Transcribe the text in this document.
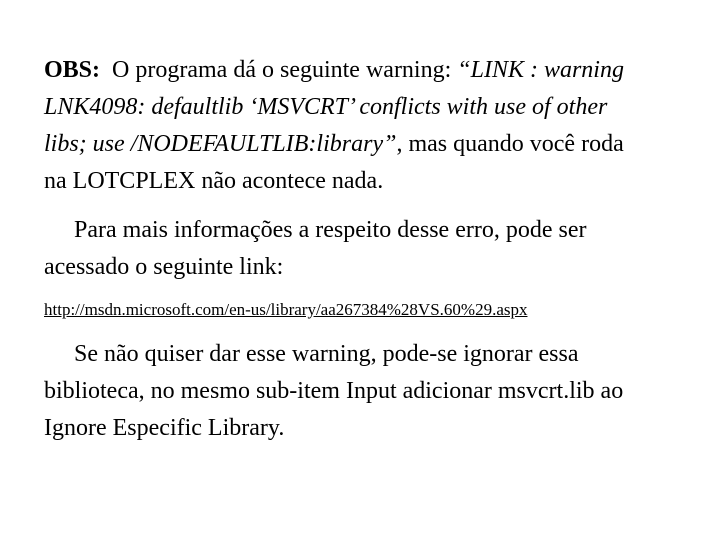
OBS:  O programa dá o seguinte warning: “LINK : warning
LNK4098: defaultlib ‘MSVCRT’ conflicts with use of other
libs; use /NODEFAULTLIB:library”, mas quando você roda
na LOTCPLEX não acontece nada.

Para mais informações a respeito desse erro, pode ser
acessado o seguinte link:

http://msdn.microsoft.com/en-us/library/aa267384%28VS.60%29.aspx

Se não quiser dar esse warning, pode-se ignorar essa
biblioteca, no mesmo sub-item Input adicionar msvcrt.lib ao
Ignore Especific Library.
